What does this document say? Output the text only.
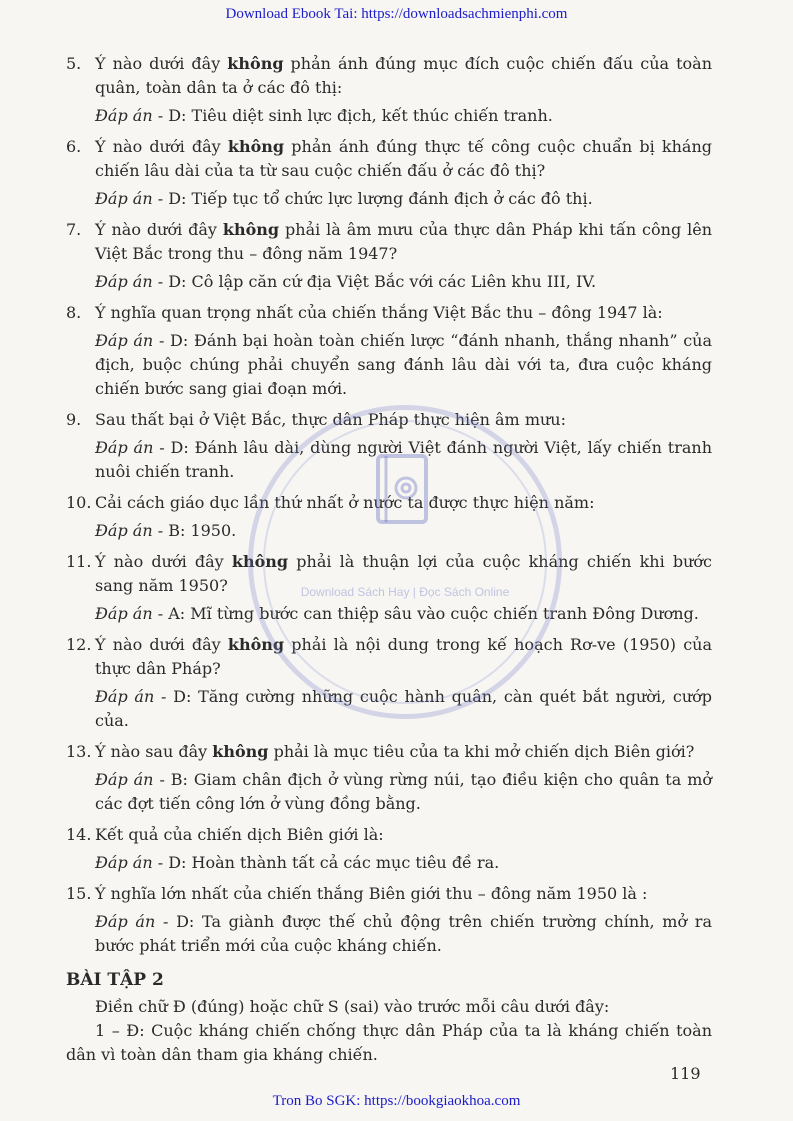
Download Ebook Tai: https://downloadsachmienphi.com

5. Ý nào dưới đây không phản ánh đúng mục đích cuộc chiến đấu của toàn quân, toàn dân ta ở các đô thị:

Đáp án - D: Tiêu diệt sinh lực địch, kết thúc chiến tranh.

6. Ý nào dưới đây không phản ánh đúng thực tế công cuộc chuẩn bị kháng chiến lâu dài của ta từ sau cuộc chiến đấu ở các đô thị?

Đáp án - D: Tiếp tục tổ chức lực lượng đánh địch ở các đô thị.

7. Ý nào dưới đây không phải là âm mưu của thực dân Pháp khi tấn công lên Việt Bắc trong thu – đông năm 1947?

Đáp án - D: Cô lập căn cứ địa Việt Bắc với các Liên khu III, IV.

8. Ý nghĩa quan trọng nhất của chiến thắng Việt Bắc thu – đông 1947 là:

Đáp án - D: Đánh bại hoàn toàn chiến lược “đánh nhanh, thắng nhanh” của địch, buộc chúng phải chuyển sang đánh lâu dài với ta, đưa cuộc kháng chiến bước sang giai đoạn mới.

9. Sau thất bại ở Việt Bắc, thực dân Pháp thực hiện âm mưu:

Đáp án - D: Đánh lâu dài, dùng người Việt đánh người Việt, lấy chiến tranh nuôi chiến tranh.

10. Cải cách giáo dục lần thứ nhất ở nước ta được thực hiện năm:

Đáp án - B: 1950.

11. Ý nào dưới đây không phải là thuận lợi của cuộc kháng chiến khi bước sang năm 1950?

Đáp án - A: Mĩ từng bước can thiệp sâu vào cuộc chiến tranh Đông Dương.

12. Ý nào dưới đây không phải là nội dung trong kế hoạch Rơ-ve (1950) của thực dân Pháp?

Đáp án - D: Tăng cường những cuộc hành quân, càn quét bắt người, cướp của.

13. Ý nào sau đây không phải là mục tiêu của ta khi mở chiến dịch Biên giới?

Đáp án - B: Giam chân địch ở vùng rừng núi, tạo điều kiện cho quân ta mở các đợt tiến công lớn ở vùng đồng bằng.

14. Kết quả của chiến dịch Biên giới là:

Đáp án - D: Hoàn thành tất cả các mục tiêu đề ra.

15. Ý nghĩa lớn nhất của chiến thắng Biên giới thu – đông năm 1950 là :

Đáp án - D: Ta giành được thế chủ động trên chiến trường chính, mở ra bước phát triển mới của cuộc kháng chiến.

BÀI TẬP 2

Điền chữ Đ (đúng) hoặc chữ S (sai) vào trước mỗi câu dưới đây:

1 – Đ: Cuộc kháng chiến chống thực dân Pháp của ta là kháng chiến toàn dân vì toàn dân tham gia kháng chiến.

Download Sách Hay | Đọc Sách Online
119
Tron Bo SGK: https://bookgiaokhoa.com
